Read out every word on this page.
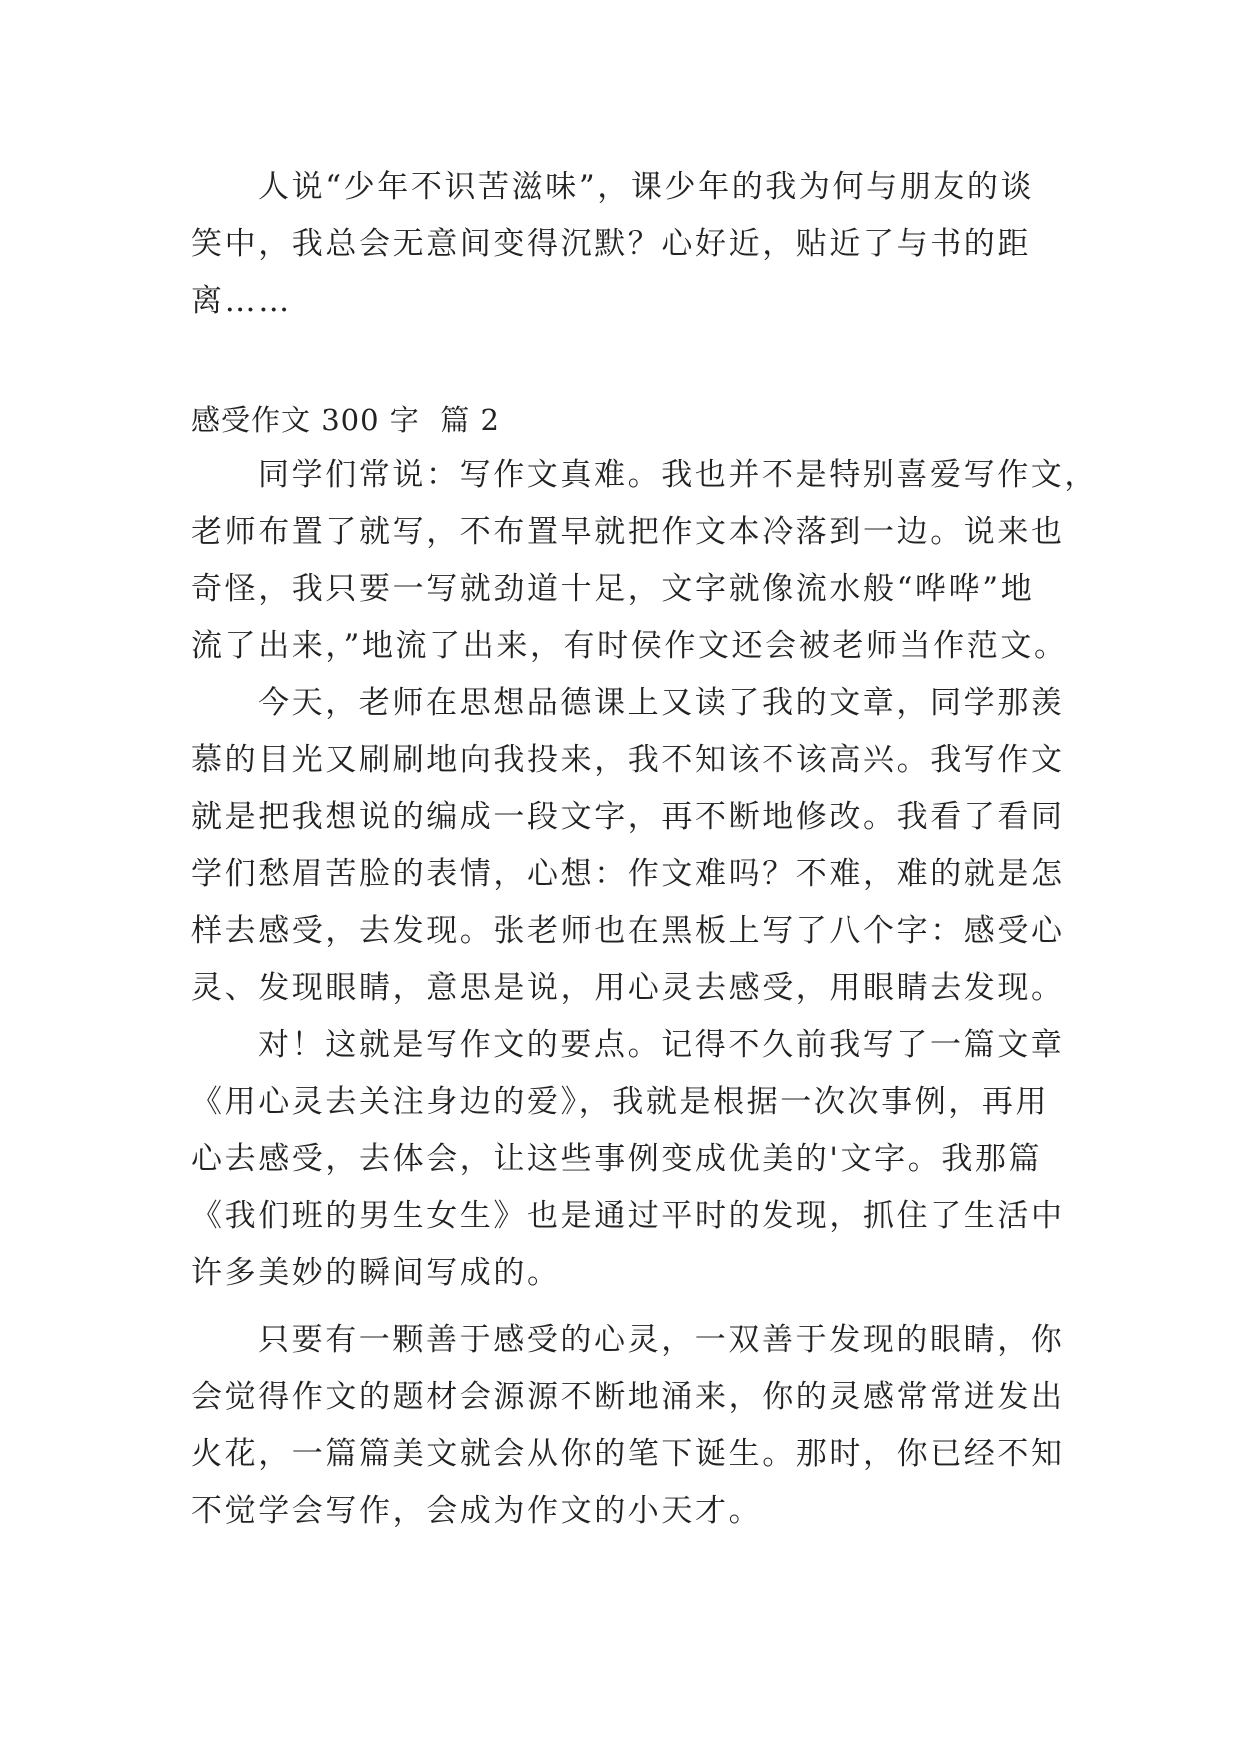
人说“少年不识苦滋味”，课少年的我为何与朋友的谈
笑中，我总会无意间变得沉默？心好近，贴近了与书的距
离……
感受作文 300 字  篇 2
同学们常说：写作文真难。我也并不是特别喜爱写作文，
老师布置了就写，不布置早就把作文本冷落到一边。说来也
奇怪，我只要一写就劲道十足，文字就像流水般“哗哗”地
流了出来，”地流了出来，有时侯作文还会被老师当作范文。
今天，老师在思想品德课上又读了我的文章，同学那羡
慕的目光又刷刷地向我投来，我不知该不该高兴。我写作文
就是把我想说的编成一段文字，再不断地修改。我看了看同
学们愁眉苦脸的表情，心想：作文难吗？不难，难的就是怎
样去感受，去发现。张老师也在黑板上写了八个字：感受心
灵、发现眼睛，意思是说，用心灵去感受，用眼睛去发现。
对！这就是写作文的要点。记得不久前我写了一篇文章
《用心灵去关注身边的爱》，我就是根据一次次事例，再用
心去感受，去体会，让这些事例变成优美的'文字。我那篇
《我们班的男生女生》也是通过平时的发现，抓住了生活中
许多美妙的瞬间写成的。
只要有一颗善于感受的心灵，一双善于发现的眼睛，你
会觉得作文的题材会源源不断地涌来，你的灵感常常迸发出
火花，一篇篇美文就会从你的笔下诞生。那时，你已经不知
不觉学会写作，会成为作文的小天才。
